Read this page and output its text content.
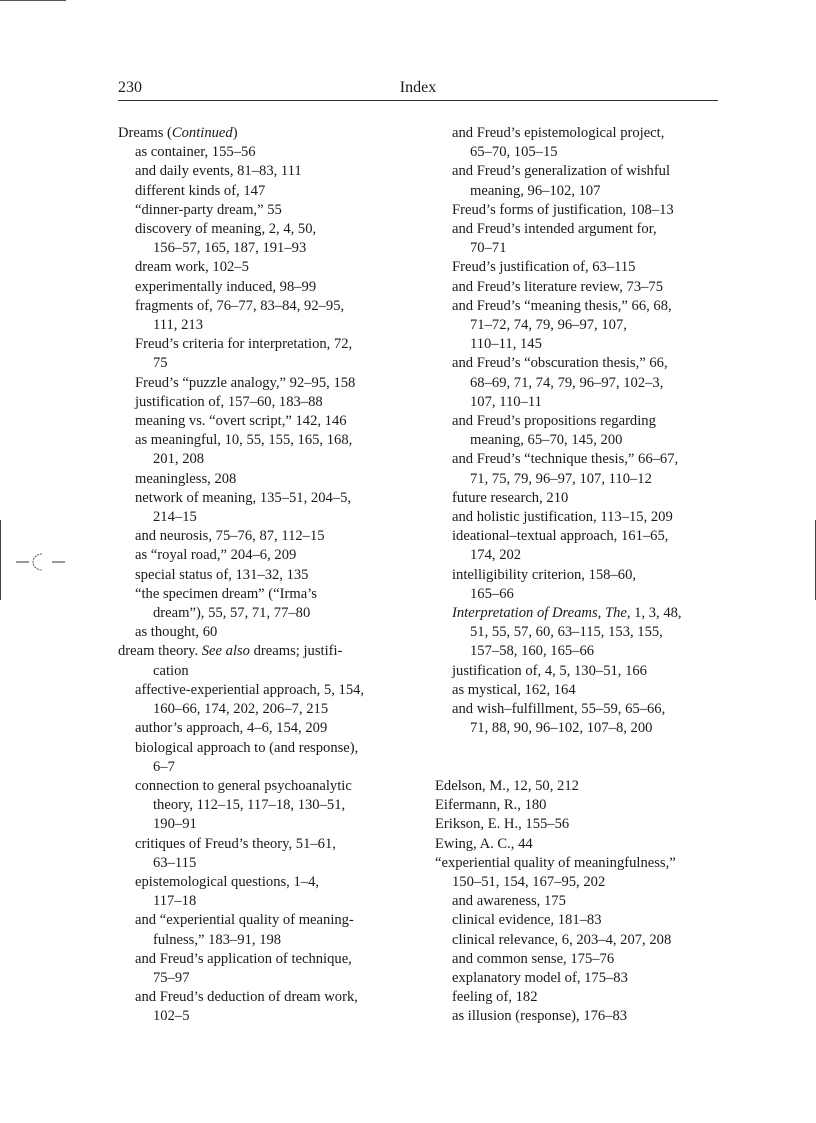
230	Index
Dreams (Continued)
as container, 155–56
and daily events, 81–83, 111
different kinds of, 147
“dinner-party dream,” 55
discovery of meaning, 2, 4, 50,
156–57, 165, 187, 191–93
dream work, 102–5
experimentally induced, 98–99
fragments of, 76–77, 83–84, 92–95,
111, 213
Freud’s criteria for interpretation, 72,
75
Freud’s “puzzle analogy,” 92–95, 158
justification of, 157–60, 183–88
meaning vs. “overt script,” 142, 146
as meaningful, 10, 55, 155, 165, 168,
201, 208
meaningless, 208
network of meaning, 135–51, 204–5,
214–15
and neurosis, 75–76, 87, 112–15
as “royal road,” 204–6, 209
special status of, 131–32, 135
“the specimen dream” (“Irma’s
dream”), 55, 57, 71, 77–80
as thought, 60
dream theory. See also dreams; justifi-
cation
affective-experiential approach, 5, 154,
160–66, 174, 202, 206–7, 215
author’s approach, 4–6, 154, 209
biological approach to (and response),
6–7
connection to general psychoanalytic
theory, 112–15, 117–18, 130–51,
190–91
critiques of Freud’s theory, 51–61,
63–115
epistemological questions, 1–4,
117–18
and “experiential quality of meaning-
fulness,” 183–91, 198
and Freud’s application of technique,
75–97
and Freud’s deduction of dream work,
102–5
and Freud’s epistemological project,
65–70, 105–15
and Freud’s generalization of wishful
meaning, 96–102, 107
Freud’s forms of justification, 108–13
and Freud’s intended argument for,
70–71
Freud’s justification of, 63–115
and Freud’s literature review, 73–75
and Freud’s “meaning thesis,” 66, 68,
71–72, 74, 79, 96–97, 107,
110–11, 145
and Freud’s “obscuration thesis,” 66,
68–69, 71, 74, 79, 96–97, 102–3,
107, 110–11
and Freud’s propositions regarding
meaning, 65–70, 145, 200
and Freud’s “technique thesis,” 66–67,
71, 75, 79, 96–97, 107, 110–12
future research, 210
and holistic justification, 113–15, 209
ideational–textual approach, 161–65,
174, 202
intelligibility criterion, 158–60,
165–66
Interpretation of Dreams, The, 1, 3, 48,
51, 55, 57, 60, 63–115, 153, 155,
157–58, 160, 165–66
justification of, 4, 5, 130–51, 166
as mystical, 162, 164
and wish–fulfillment, 55–59, 65–66,
71, 88, 90, 96–102, 107–8, 200
Edelson, M., 12, 50, 212
Eifermann, R., 180
Erikson, E. H., 155–56
Ewing, A. C., 44
“experiential quality of meaningfulness,”
150–51, 154, 167–95, 202
and awareness, 175
clinical evidence, 181–83
clinical relevance, 6, 203–4, 207, 208
and common sense, 175–76
explanatory model of, 175–83
feeling of, 182
as illusion (response), 176–83
